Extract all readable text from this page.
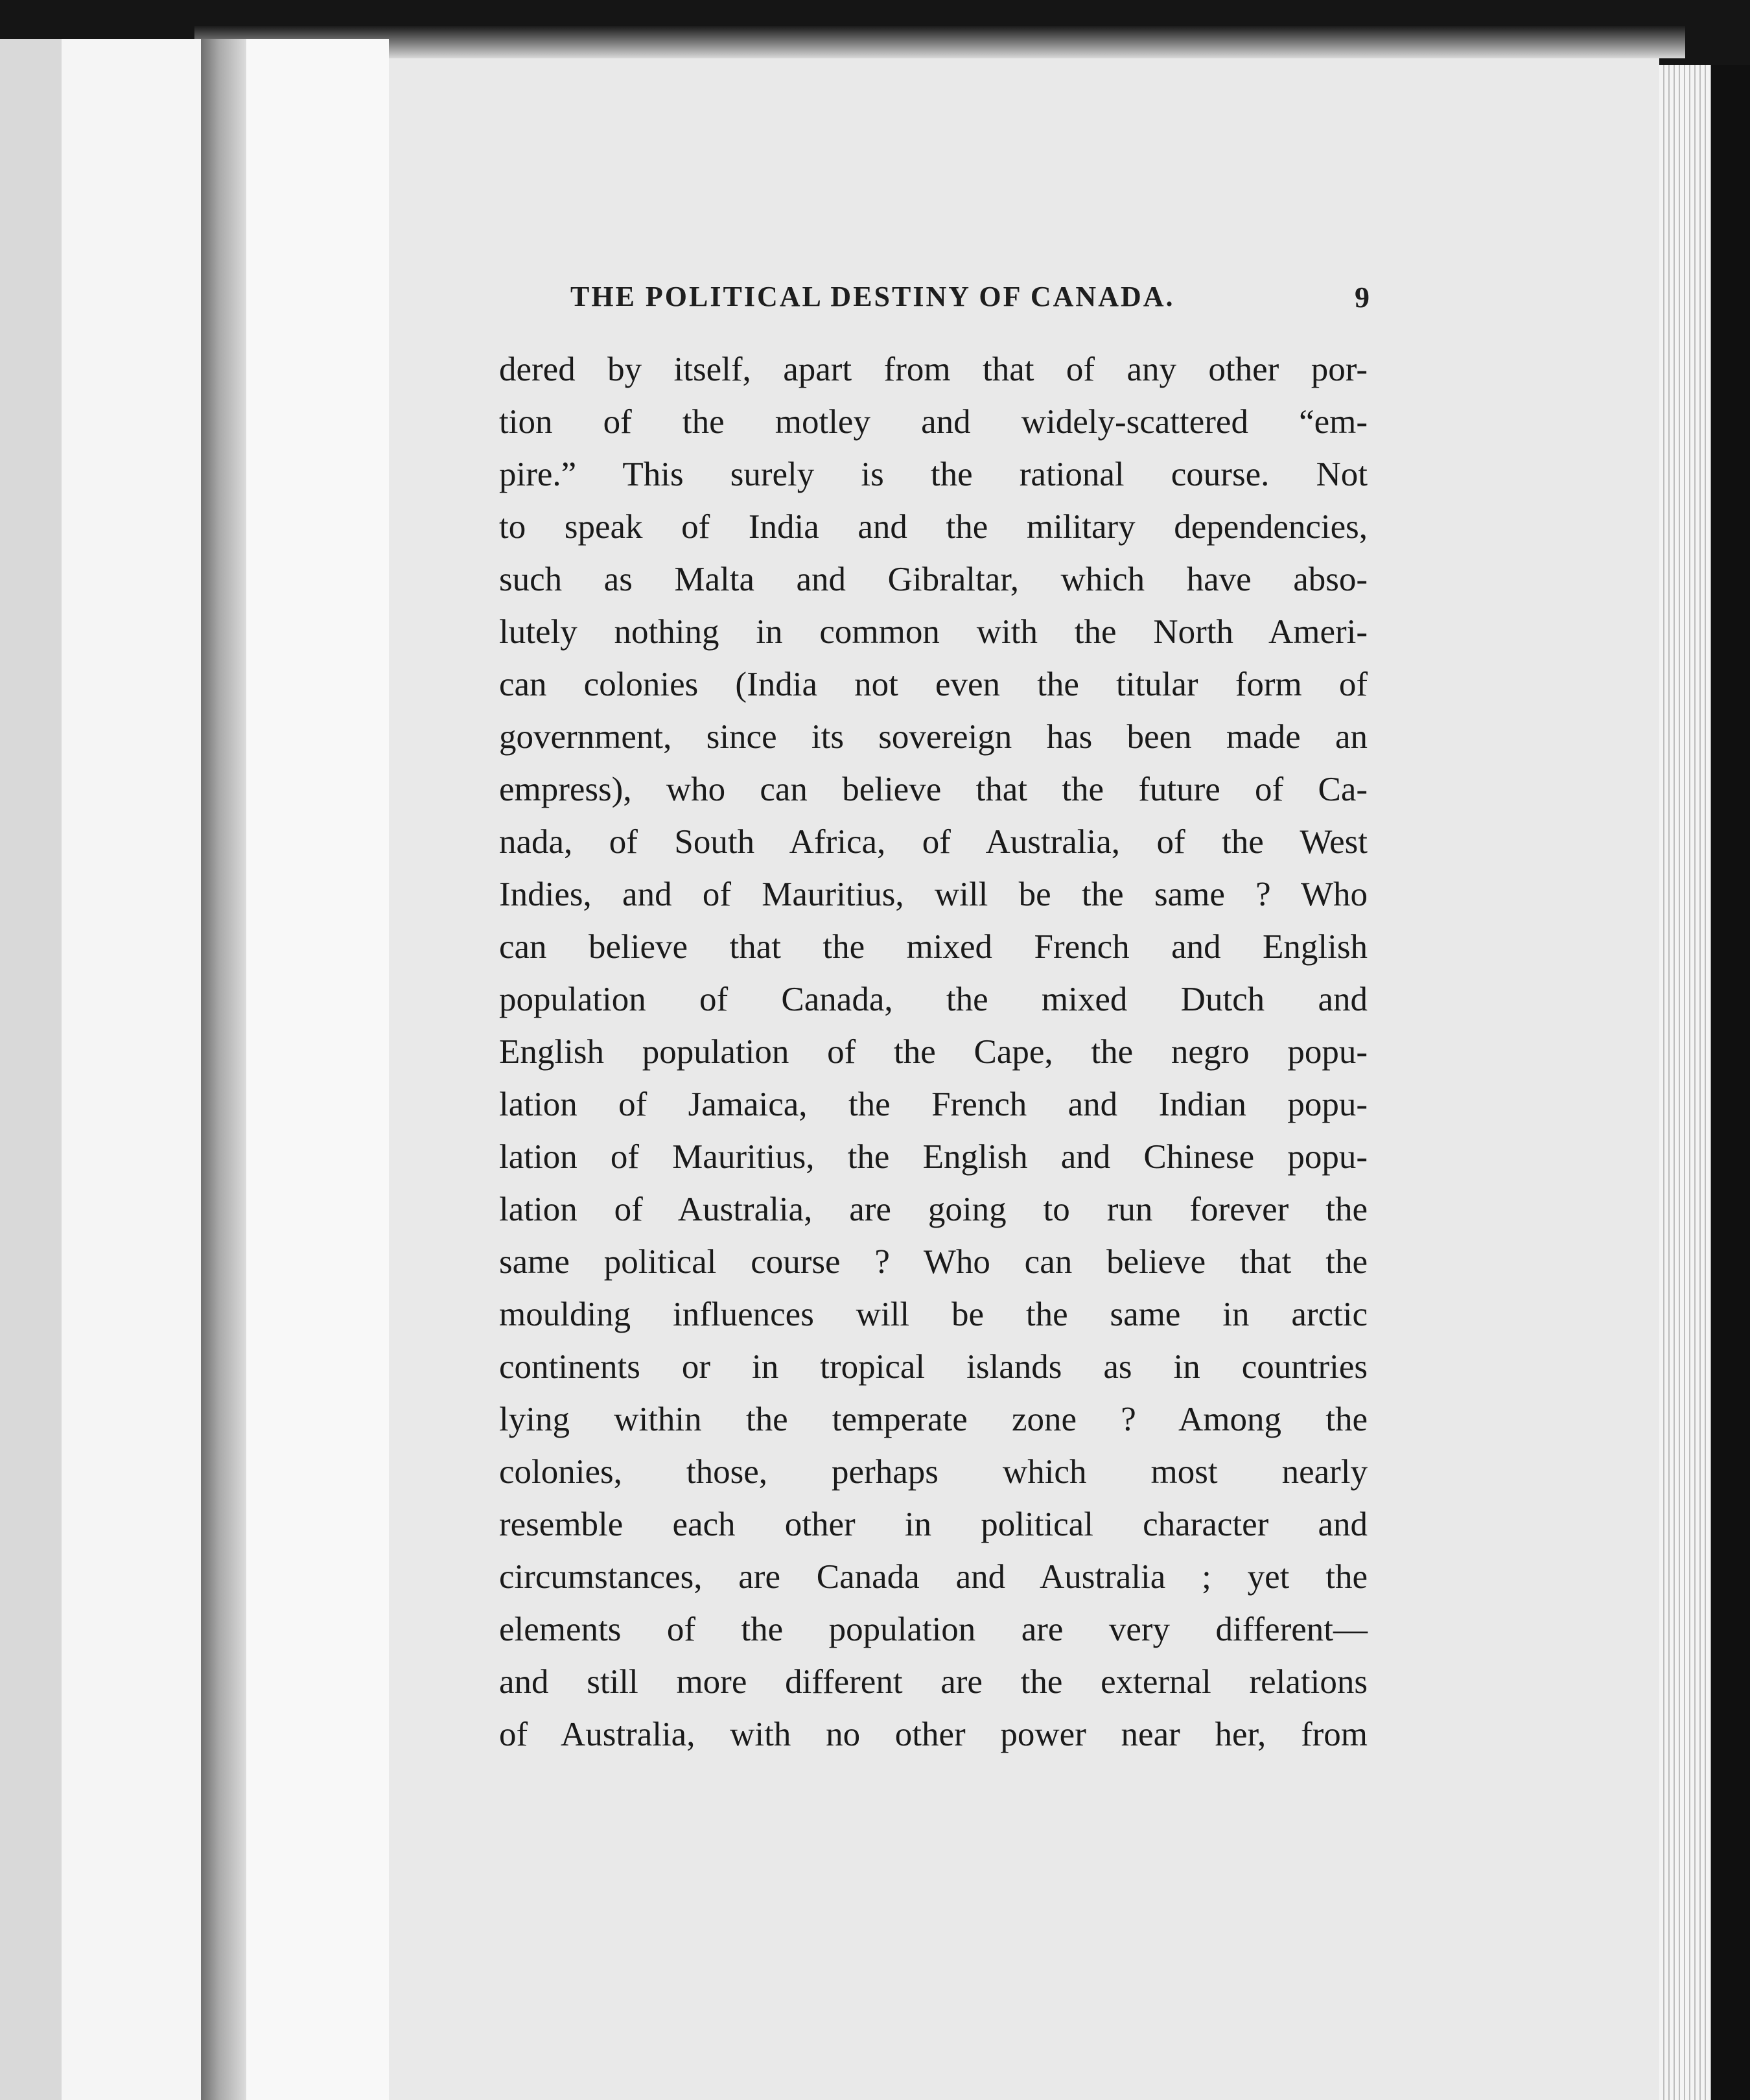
THE POLITICAL DESTINY OF CANADA.	9
dered by itself, apart from that of any other por-
tion of the motley and widely-scattered “em-
pire.” This surely is the rational course. Not
to speak of India and the military dependencies,
such as Malta and Gibraltar, which have abso-
lutely nothing in common with the North Ameri-
can colonies (India not even the titular form of
government, since its sovereign has been made an
empress), who can believe that the future of Ca-
nada, of South Africa, of Australia, of the West
Indies, and of Mauritius, will be the same ? Who
can believe that the mixed French and English
population of Canada, the mixed Dutch and
English population of the Cape, the negro popu-
lation of Jamaica, the French and Indian popu-
lation of Mauritius, the English and Chinese popu-
lation of Australia, are going to run forever the
same political course ? Who can believe that the
moulding influences will be the same in arctic
continents or in tropical islands as in countries
lying within the temperate zone ? Among the
colonies, those, perhaps which most nearly
resemble each other in political character and
circumstances, are Canada and Australia ; yet the
elements of the population are very different—
and still more different are the external relations
of Australia, with no other power near her, from
